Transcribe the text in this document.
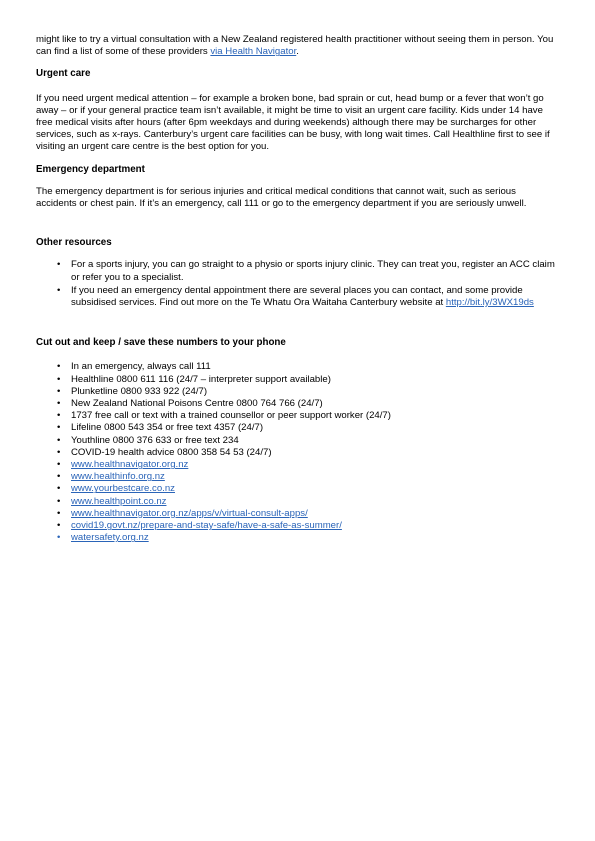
might like to try a virtual consultation with a New Zealand registered health practitioner without seeing them in person. You can find a list of some of these providers via Health Navigator.

Urgent care

If you need urgent medical attention – for example a broken bone, bad sprain or cut, head bump or a fever that won’t go away – or if your general practice team isn’t available, it might be time to visit an urgent care facility. Kids under 14 have free medical visits after hours (after 6pm weekdays and during weekends) although there may be surcharges for other services, such as x-rays. Canterbury’s urgent care facilities can be busy, with long wait times. Call Healthline first to see if visiting an urgent care centre is the best option for you.

Emergency department

The emergency department is for serious injuries and critical medical conditions that cannot wait, such as serious accidents or chest pain. If it’s an emergency, call 111 or go to the emergency department if you are seriously unwell.

Other resources
• For a sports injury, you can go straight to a physio or sports injury clinic. They can treat you, register an ACC claim or refer you to a specialist.
• If you need an emergency dental appointment there are several places you can contact, and some provide subsidised services. Find out more on the Te Whatu Ora Waitaha Canterbury website at http://bit.ly/3WX19ds
Cut out and keep / save these numbers to your phone
• In an emergency, always call 111
• Healthline 0800 611 116 (24/7 – interpreter support available)
• Plunketline 0800 933 922 (24/7)
• New Zealand National Poisons Centre 0800 764 766 (24/7)
• 1737 free call or text with a trained counsellor or peer support worker (24/7)
• Lifeline 0800 543 354 or free text 4357 (24/7)
• Youthline 0800 376 633 or free text 234
• COVID-19 health advice 0800 358 54 53 (24/7)
• www.healthnavigator.org.nz
• www.healthinfo.org.nz
• www.yourbestcare.co.nz
• www.healthpoint.co.nz
• www.healthnavigator.org.nz/apps/v/virtual-consult-apps/
• covid19.govt.nz/prepare-and-stay-safe/have-a-safe-as-summer/
• watersafety.org.nz
